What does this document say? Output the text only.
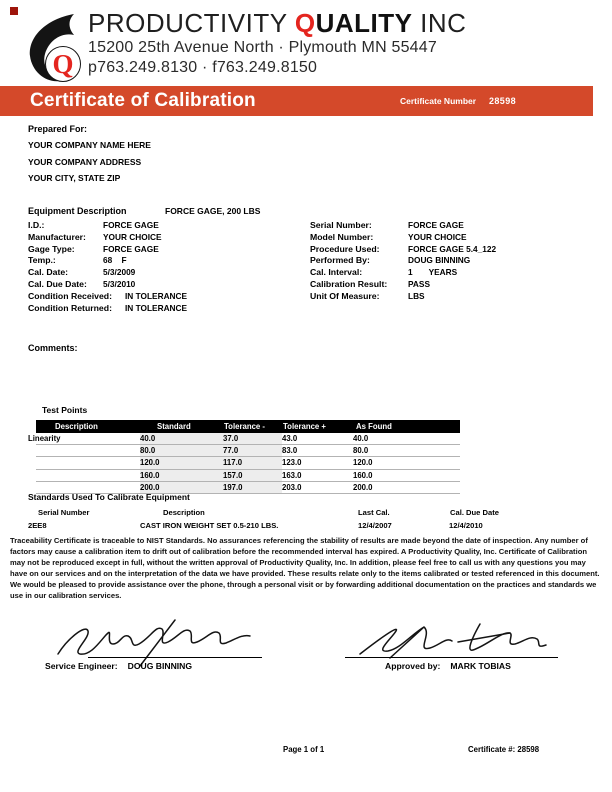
Q
PRODUCTIVITY QUALITY INC
15200 25th Avenue North · Plymouth MN 55447
p763.249.8130 · f763.249.8150
Certificate of Calibration	Certificate Number 28598
Prepared For:
YOUR COMPANY NAME HERE
YOUR COMPANY ADDRESS
YOUR CITY, STATE ZIP
Equipment Description	FORCE GAGE, 200 LBS
I.D.:	FORCE GAGE
Manufacturer:	YOUR CHOICE
Gage Type:	FORCE GAGE
Temp.:	68    F
Cal. Date:	5/3/2009
Cal. Due Date:	5/3/2010
Condition Received:	IN TOLERANCE
Condition Returned:	IN TOLERANCE
Serial Number:	FORCE GAGE
Model Number:	YOUR CHOICE
Procedure Used:	FORCE GAGE 5.4_122
Performed By:	DOUG BINNING
Cal. Interval:	1       YEARS
Calibration Result:	PASS
Unit Of Measure:	LBS
Comments:
Test Points
Description	Standard	Tolerance -	Tolerance +	As Found
Linearity	40.0	37.0	43.0	40.0
80.0	77.0	83.0	80.0
120.0	117.0	123.0	120.0
160.0	157.0	163.0	160.0
200.0	197.0	203.0	200.0
Standards Used To Calibrate Equipment
Serial Number	Description	Last Cal.	Cal. Due Date
2EE8	CAST IRON WEIGHT SET 0.5-210 LBS.	12/4/2007	12/4/2010
Traceability Certificate is traceable to NIST Standards. No assurances referencing the stability of results are made beyond the date of inspection. Any number of factors may cause a calibration item to drift out of calibration before the recommended interval has expired. A Productivity Quality, Inc. Certificate of Calibration may not be reproduced except in full, without the written approval of Productivity Quality, Inc. In addition, please feel free to call us with any questions you may have on our services and on the interpretation of the data we have provided. These results relate only to the items calibrated or tested referenced in this document. We would be pleased to provide assistance over the phone, through a personal visit or by forwarding additional documentation on the practices and standards we use in our calibration services.
Service Engineer: DOUG BINNING	Approved by: MARK TOBIAS
Page 1 of 1	Certificate #: 28598
